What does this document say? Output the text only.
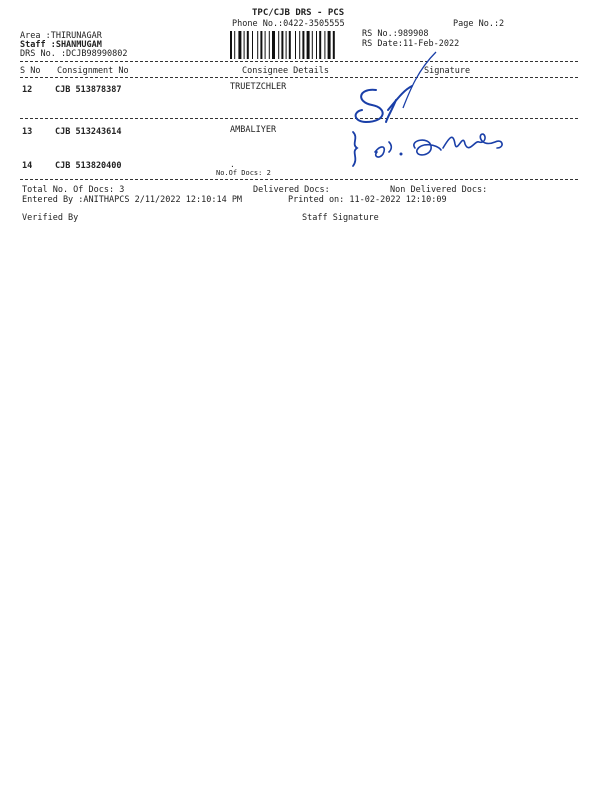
TPC/CJB DRS - PCS
Phone No.:0422-3505555	Page No.:2
Area :THIRUNAGAR
Staff :SHANMUGAM
DRS No. :DCJB98990802
RS No.:989908
RS Date:11-Feb-2022
S No Consignment No	Consignee Details	Signature
12	CJB 513878387	TRUETZCHLER
13	CJB 513243614	AMBALIYER
14	CJB 513820400	.
No.Of Docs: 2
Total No. Of Docs: 3	Delivered Docs:	Non Delivered Docs:
Entered By :ANITHAPCS 2/11/2022 12:10:14 PM	Printed on: 11-02-2022 12:10:09
Verified By	Staff Signature
